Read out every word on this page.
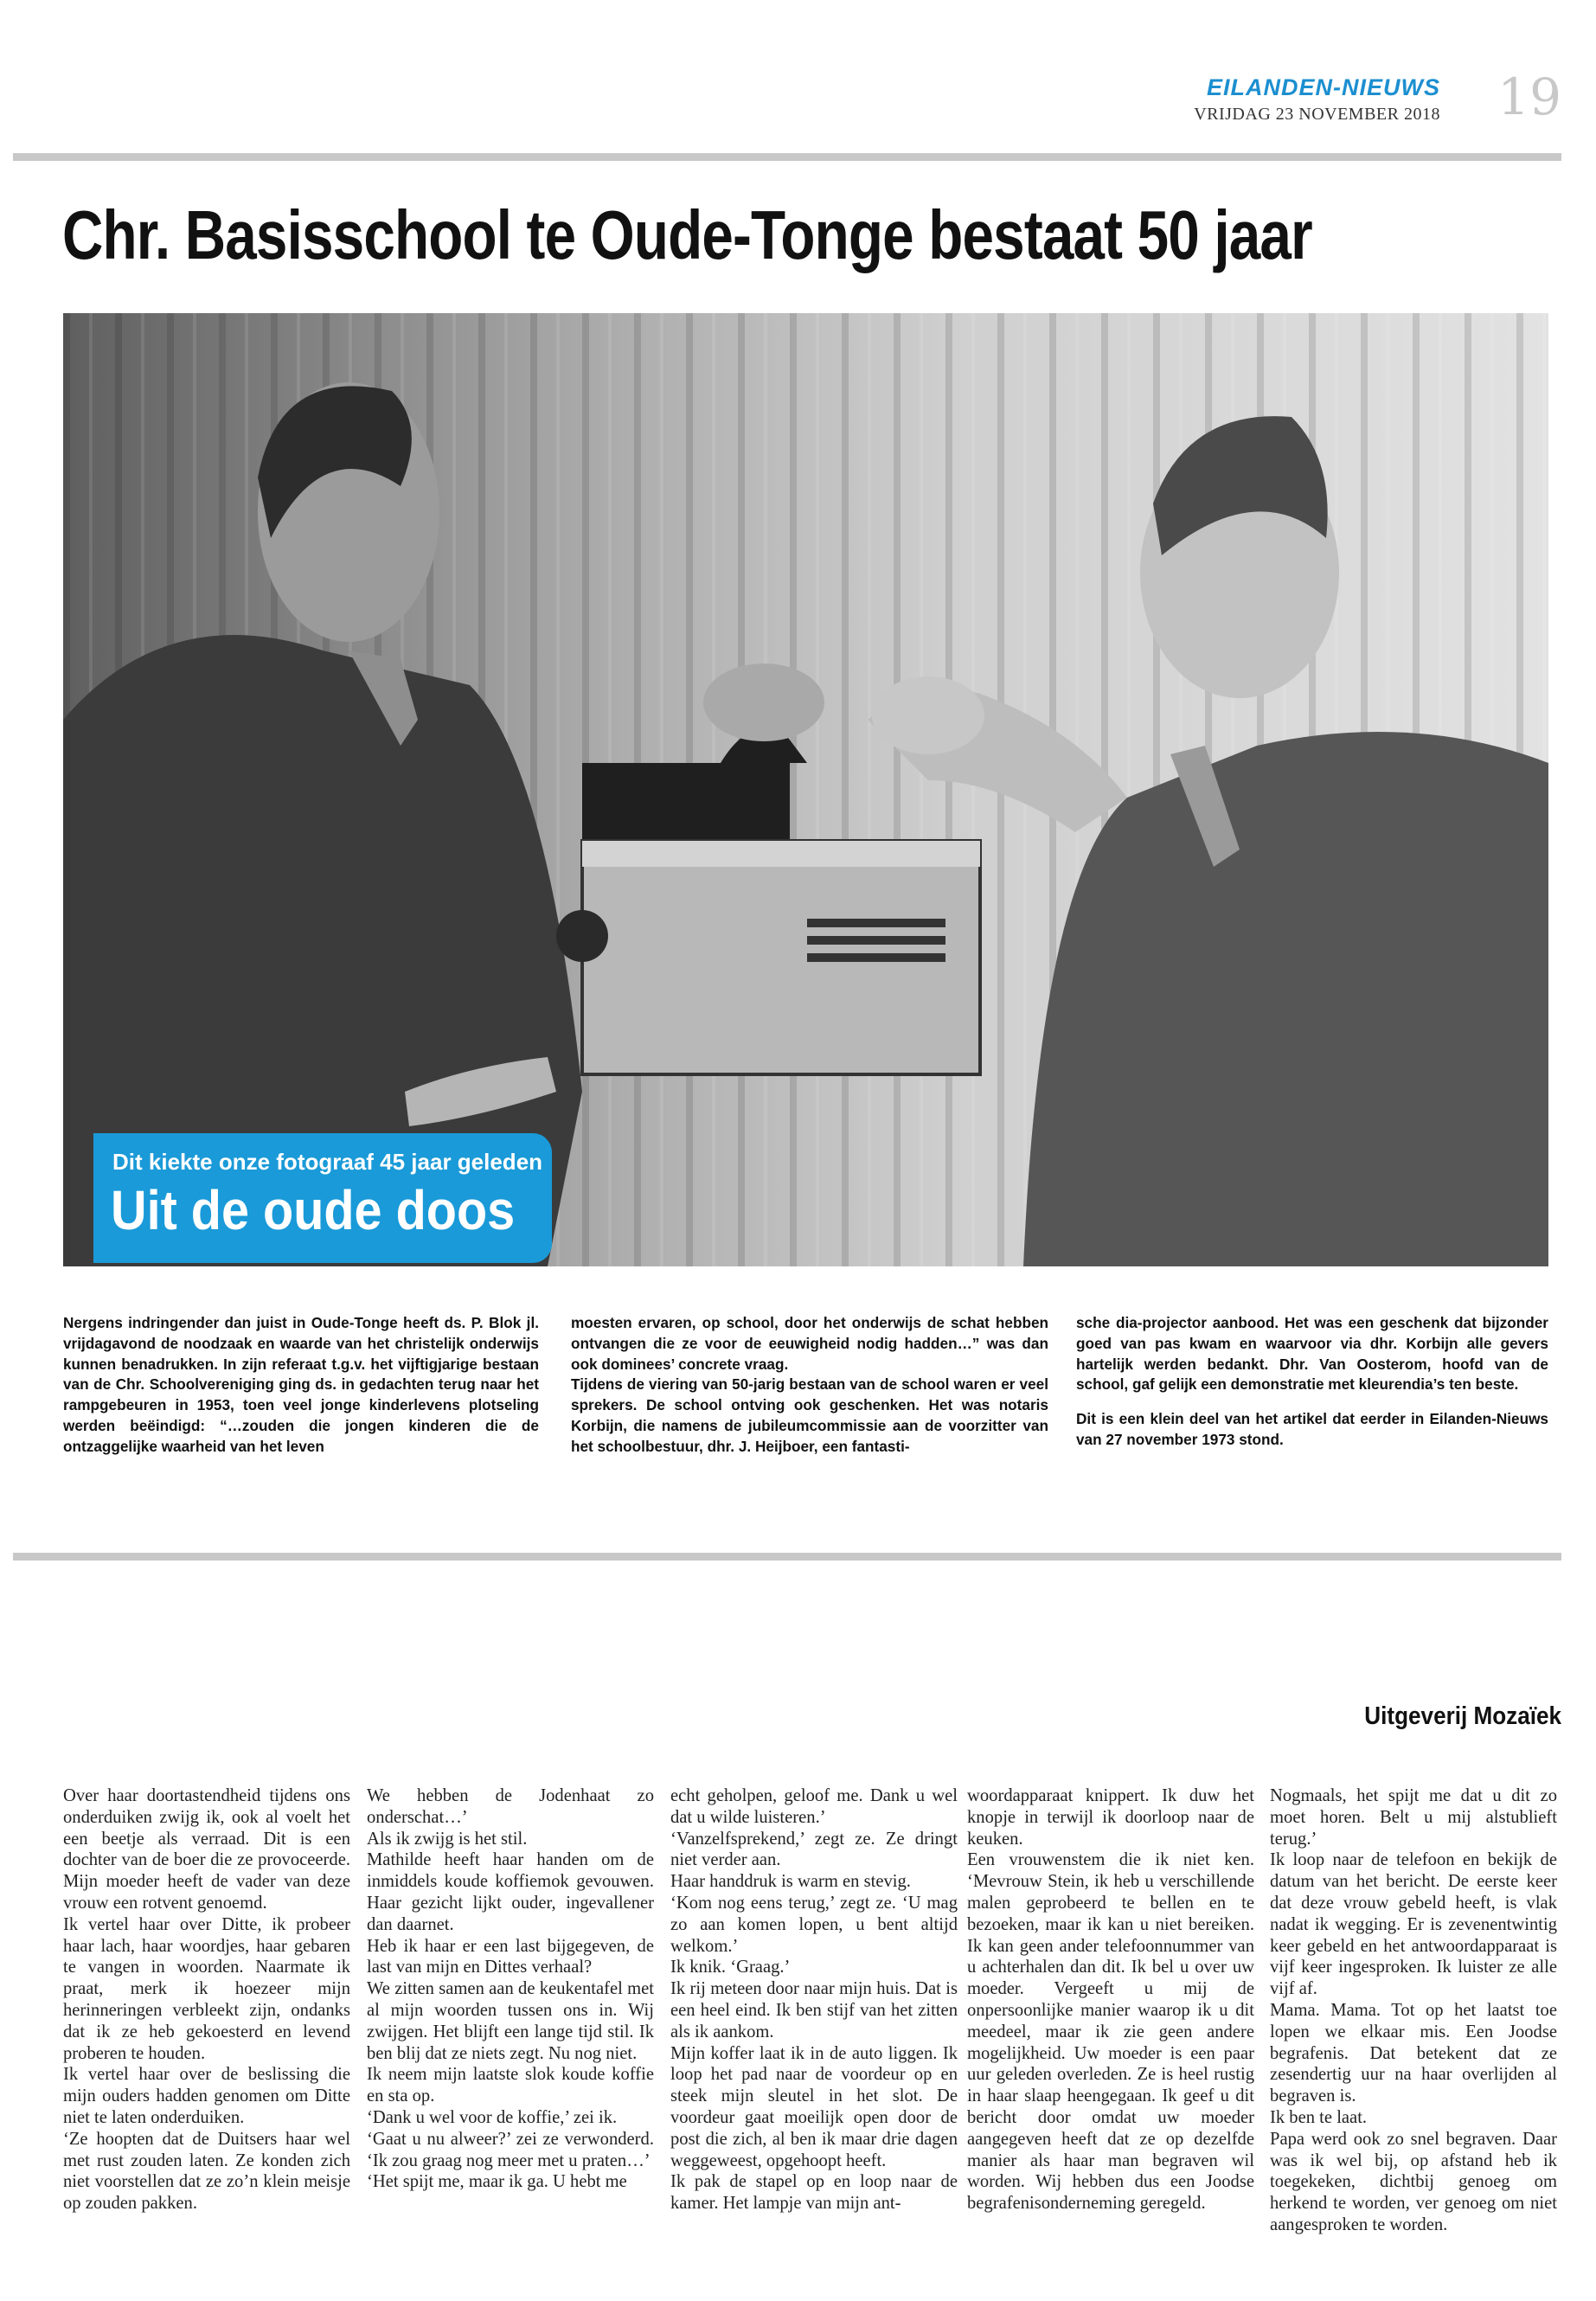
EILANDEN-NIEUWS
VRIJDAG 23 NOVEMBER 2018 19
Chr. Basisschool te Oude-Tonge bestaat 50 jaar
Dit kiekte onze fotograaf 45 jaar geleden
Uit de oude doos

Nergens indringender dan juist in Oude-Tonge heeft ds. P. Blok jl. vrijdagavond de noodzaak en waarde van het christelijk onderwijs kunnen benadrukken. In zijn referaat t.g.v. het vijftigjarige bestaan van de Chr. Schoolvereniging ging ds. in gedachten terug naar het rampgebeuren in 1953, toen veel jonge kinderlevens plotseling werden beëindigd: “…zouden die jongen kinderen die de ontzaggelijke waarheid van het leven

moesten ervaren, op school, door het onderwijs de schat hebben ontvangen die ze voor de eeuwigheid nodig hadden…” was dan ook dominees’ concrete vraag.

Tijdens de viering van 50-jarig bestaan van de school waren er veel sprekers. De school ontving ook geschenken. Het was notaris Korbijn, die namens de jubileumcommissie aan de voorzitter van het schoolbestuur, dhr. J. Heijboer, een fantasti-

sche dia-projector aanbood. Het was een geschenk dat bijzonder goed van pas kwam en waarvoor via dhr. Korbijn alle gevers hartelijk werden bedankt. Dhr. Van Oosterom, hoofd van de school, gaf gelijk een demonstratie met kleurendia’s ten beste.

Dit is een klein deel van het artikel dat eerder in Eilanden-Nieuws van 27 november 1973 stond.

Uitgeverij Mozaïek

Over haar doortastendheid tijdens ons onderduiken zwijg ik, ook al voelt het een beetje als verraad. Dit is een dochter van de boer die ze provoceerde. Mijn moeder heeft de vader van deze vrouw een rotvent genoemd.

Ik vertel haar over Ditte, ik probeer haar lach, haar woordjes, haar gebaren te vangen in woorden. Naarmate ik praat, merk ik hoezeer mijn herinneringen verbleekt zijn, ondanks dat ik ze heb gekoesterd en levend proberen te houden.

Ik vertel haar over de beslissing die mijn ouders hadden genomen om Ditte niet te laten onderduiken.

‘Ze hoopten dat de Duitsers haar wel met rust zouden laten. Ze konden zich niet voorstellen dat ze zo’n klein meisje op zouden pakken.

We hebben de Jodenhaat zo onderschat…’

Als ik zwijg is het stil.

Mathilde heeft haar handen om de inmiddels koude koffiemok gevouwen. Haar gezicht lijkt ouder, ingevallener dan daarnet.

Heb ik haar er een last bijgegeven, de last van mijn en Dittes verhaal?

We zitten samen aan de keukentafel met al mijn woorden tussen ons in. Wij zwijgen. Het blijft een lange tijd stil. Ik ben blij dat ze niets zegt. Nu nog niet.

Ik neem mijn laatste slok koude koffie en sta op.

‘Dank u wel voor de koffie,’ zei ik.

‘Gaat u nu alweer?’ zei ze verwonderd. ‘Ik zou graag nog meer met u praten…’

‘Het spijt me, maar ik ga. U hebt me

echt geholpen, geloof me. Dank u wel dat u wilde luisteren.’

‘Vanzelfsprekend,’ zegt ze. Ze dringt niet verder aan.

Haar handdruk is warm en stevig.

‘Kom nog eens terug,’ zegt ze. ‘U mag zo aan komen lopen, u bent altijd welkom.’

Ik knik. ‘Graag.’

Ik rij meteen door naar mijn huis. Dat is een heel eind. Ik ben stijf van het zitten als ik aankom.

Mijn koffer laat ik in de auto liggen. Ik loop het pad naar de voordeur op en steek mijn sleutel in het slot. De voordeur gaat moeilijk open door de post die zich, al ben ik maar drie dagen weggeweest, opgehoopt heeft.

Ik pak de stapel op en loop naar de kamer. Het lampje van mijn ant-

woordapparaat knippert. Ik duw het knopje in terwijl ik doorloop naar de keuken.

Een vrouwenstem die ik niet ken. ‘Mevrouw Stein, ik heb u verschillende malen geprobeerd te bellen en te bezoeken, maar ik kan u niet bereiken. Ik kan geen ander telefoonnummer van u achterhalen dan dit. Ik bel u over uw moeder. Vergeeft u mij de onpersoonlijke manier waarop ik u dit meedeel, maar ik zie geen andere mogelijkheid. Uw moeder is een paar uur geleden overleden. Ze is heel rustig in haar slaap heengegaan. Ik geef u dit bericht door omdat uw moeder aangegeven heeft dat ze op dezelfde manier als haar man begraven wil worden. Wij hebben dus een Joodse begrafenisonderneming geregeld.

Nogmaals, het spijt me dat u dit zo moet horen. Belt u mij alstublieft terug.’

Ik loop naar de telefoon en bekijk de datum van het bericht. De eerste keer dat deze vrouw gebeld heeft, is vlak nadat ik wegging. Er is zevenentwintig keer gebeld en het antwoordapparaat is vijf keer ingesproken. Ik luister ze alle vijf af.

Mama. Mama. Tot op het laatst toe lopen we elkaar mis. Een Joodse begrafenis. Dat betekent dat ze zesendertig uur na haar overlijden al begraven is.

Ik ben te laat.

Papa werd ook zo snel begraven. Daar was ik wel bij, op afstand heb ik toegekeken, dichtbij genoeg om herkend te worden, ver genoeg om niet aangesproken te worden.
